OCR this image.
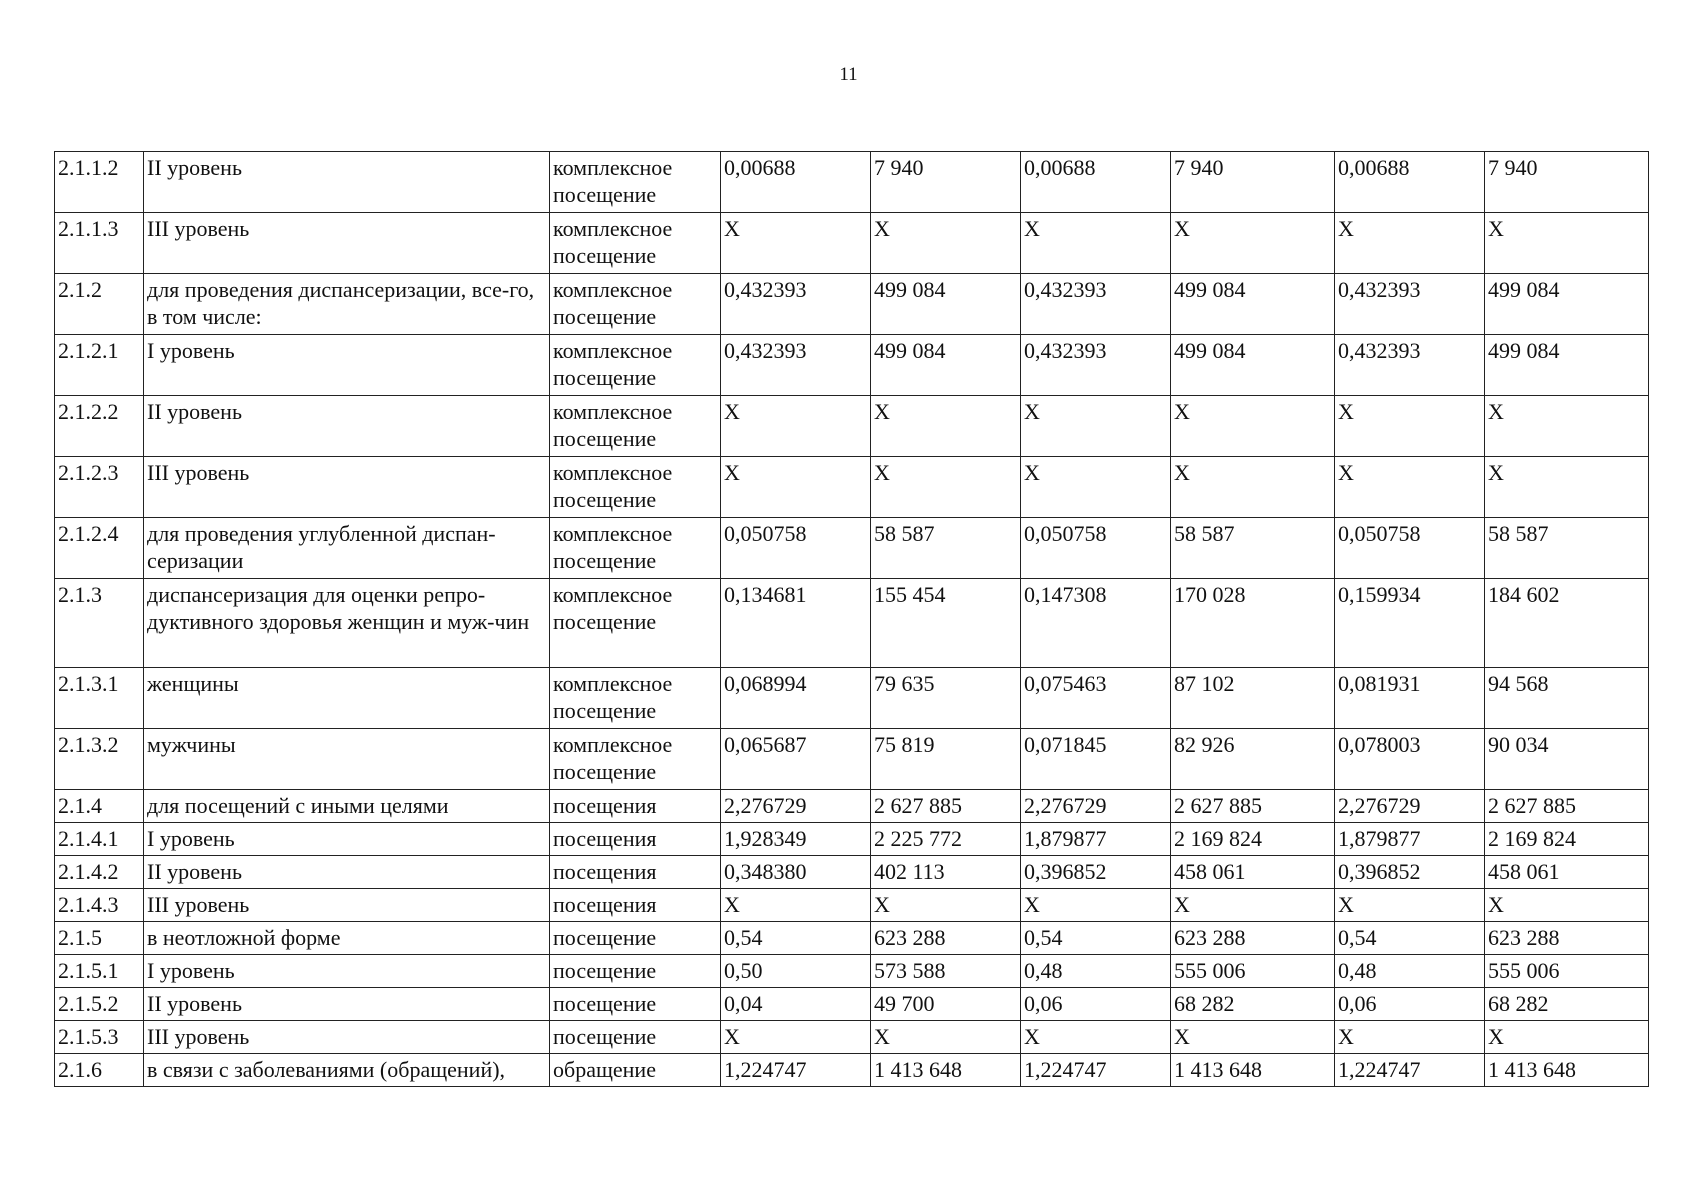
11
2.1.1.2	II уровень	комплексное посещение	0,00688	7 940	0,00688	7 940	0,00688	7 940
2.1.1.3	III уровень	комплексное посещение	X	X	X	X	X	X
2.1.2	для проведения диспансеризации, все-го, в том числе:	комплексное посещение	0,432393	499 084	0,432393	499 084	0,432393	499 084
2.1.2.1	I уровень	комплексное посещение	0,432393	499 084	0,432393	499 084	0,432393	499 084
2.1.2.2	II уровень	комплексное посещение	X	X	X	X	X	X
2.1.2.3	III уровень	комплексное посещение	X	X	X	X	X	X
2.1.2.4	для проведения углубленной диспан-серизации	комплексное посещение	0,050758	58 587	0,050758	58 587	0,050758	58 587
2.1.3	диспансеризация для оценки репро-дуктивного здоровья женщин и муж-чин	комплексное посещение	0,134681	155 454	0,147308	170 028	0,159934	184 602
2.1.3.1	женщины	комплексное посещение	0,068994	79 635	0,075463	87 102	0,081931	94 568
2.1.3.2	мужчины	комплексное посещение	0,065687	75 819	0,071845	82 926	0,078003	90 034
2.1.4	для посещений с иными целями	посещения	2,276729	2 627 885	2,276729	2 627 885	2,276729	2 627 885
2.1.4.1	I уровень	посещения	1,928349	2 225 772	1,879877	2 169 824	1,879877	2 169 824
2.1.4.2	II уровень	посещения	0,348380	402 113	0,396852	458 061	0,396852	458 061
2.1.4.3	III уровень	посещения	X	X	X	X	X	X
2.1.5	в неотложной форме	посещение	0,54	623 288	0,54	623 288	0,54	623 288
2.1.5.1	I уровень	посещение	0,50	573 588	0,48	555 006	0,48	555 006
2.1.5.2	II уровень	посещение	0,04	49 700	0,06	68 282	0,06	68 282
2.1.5.3	III уровень	посещение	X	X	X	X	X	X
2.1.6	в связи с заболеваниями (обращений),	обращение	1,224747	1 413 648	1,224747	1 413 648	1,224747	1 413 648
